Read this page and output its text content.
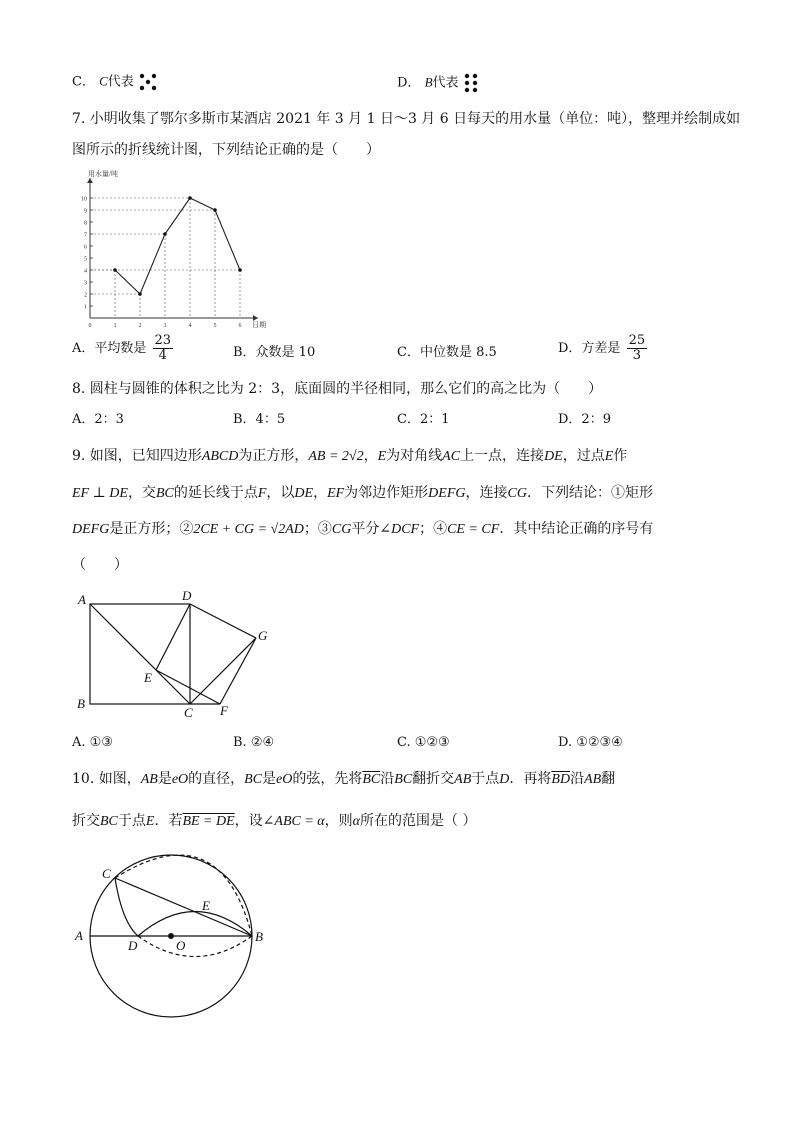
C． C代表	D． B代表
7. 小明收集了鄂尔多斯市某酒店 2021 年 3 月 1 日～3 月 6 日每天的用水量（单位：吨），整理并绘制成如
图所示的折线统计图，下列结论正确的是（　　）
1
2
3
4
5
6
7
8
9
10
0	1	2	3	4	5	6
用水量/吨
日期
A．平均数是 $\frac{23}{4}$	B．众数是 10	C．中位数是 8.5	D．方差是 $\frac{25}{3}$
8. 圆柱与圆锥的体积之比为 2：3，底面圆的半径相同，那么它们的高之比为（　　）
A．2：3	B．4：5	C．2：1	D．2：9
9. 如图，已知四边形ABCD为正方形，AB = 2√2，E为对角线AC上一点，连接DE，过点E作
EF ⊥ DE，交BC的延长线于点F，以DE，EF为邻边作矩形DEFG，连接CG．下列结论：①矩形
DEFG是正方形；②2CE + CG = √2AD；③CG平分∠DCF；④CE = CF．其中结论正确的序号有
（　　）
A	D
G
E
B
C F
A. ①③	B. ②④	C. ①②③	D. ①②③④
10. 如图，AB是eO的直径，BC是eO的弦，先将$\overline{BC}$沿BC翻折交AB于点D．再将$\overline{BD}$沿AB翻
折交BC于点E．若BE = DE，设∠ABC = α，则α所在的范围是（ ）
C
E
A
D	O
B
